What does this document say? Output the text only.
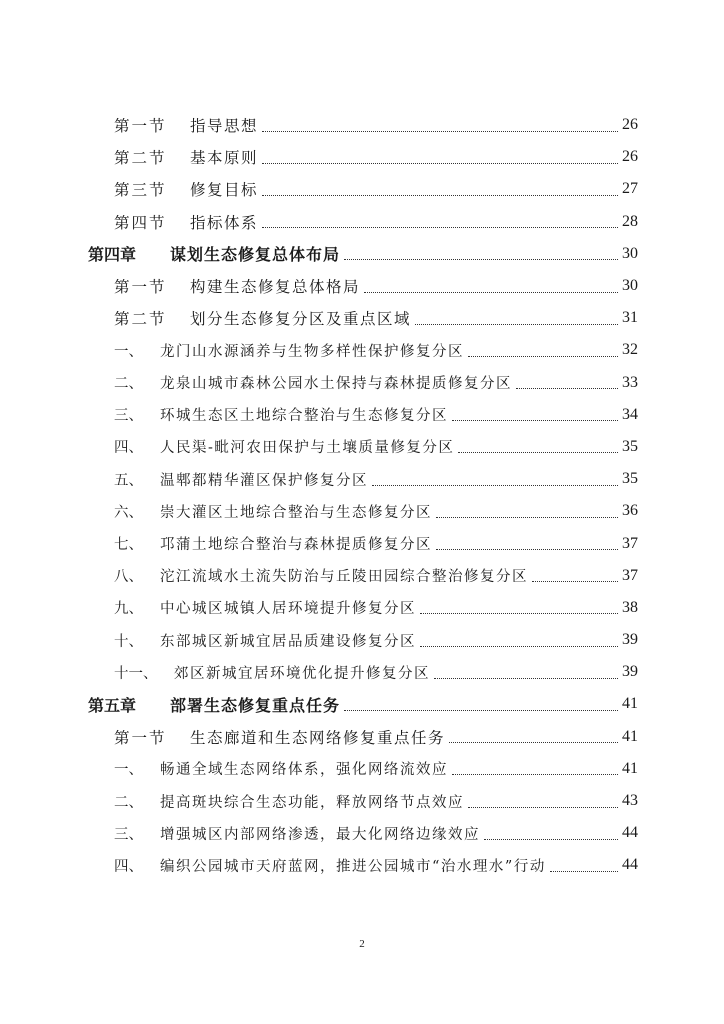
第一节	指导思想	26
第二节	基本原则	26
第三节	修复目标	27
第四节	指标体系	28
第四章	谋划生态修复总体布局	30
第一节	构建生态修复总体格局	30
第二节	划分生态修复分区及重点区域	31
一、	龙门山水源涵养与生物多样性保护修复分区	32
二、	龙泉山城市森林公园水土保持与森林提质修复分区	33
三、	环城生态区土地综合整治与生态修复分区	34
四、	人民渠-毗河农田保护与土壤质量修复分区	35
五、	温郫都精华灌区保护修复分区	35
六、	崇大灌区土地综合整治与生态修复分区	36
七、	邛蒲土地综合整治与森林提质修复分区	37
八、	沱江流域水土流失防治与丘陵田园综合整治修复分区	37
九、	中心城区城镇人居环境提升修复分区	38
十、	东部城区新城宜居品质建设修复分区	39
十一、	郊区新城宜居环境优化提升修复分区	39
第五章	部署生态修复重点任务	41
第一节	生态廊道和生态网络修复重点任务	41
一、	畅通全域生态网络体系，强化网络流效应	41
二、	提高斑块综合生态功能，释放网络节点效应	43
三、	增强城区内部网络渗透，最大化网络边缘效应	44
四、	编织公园城市天府蓝网，推进公园城市“治水理水”行动	44
2
